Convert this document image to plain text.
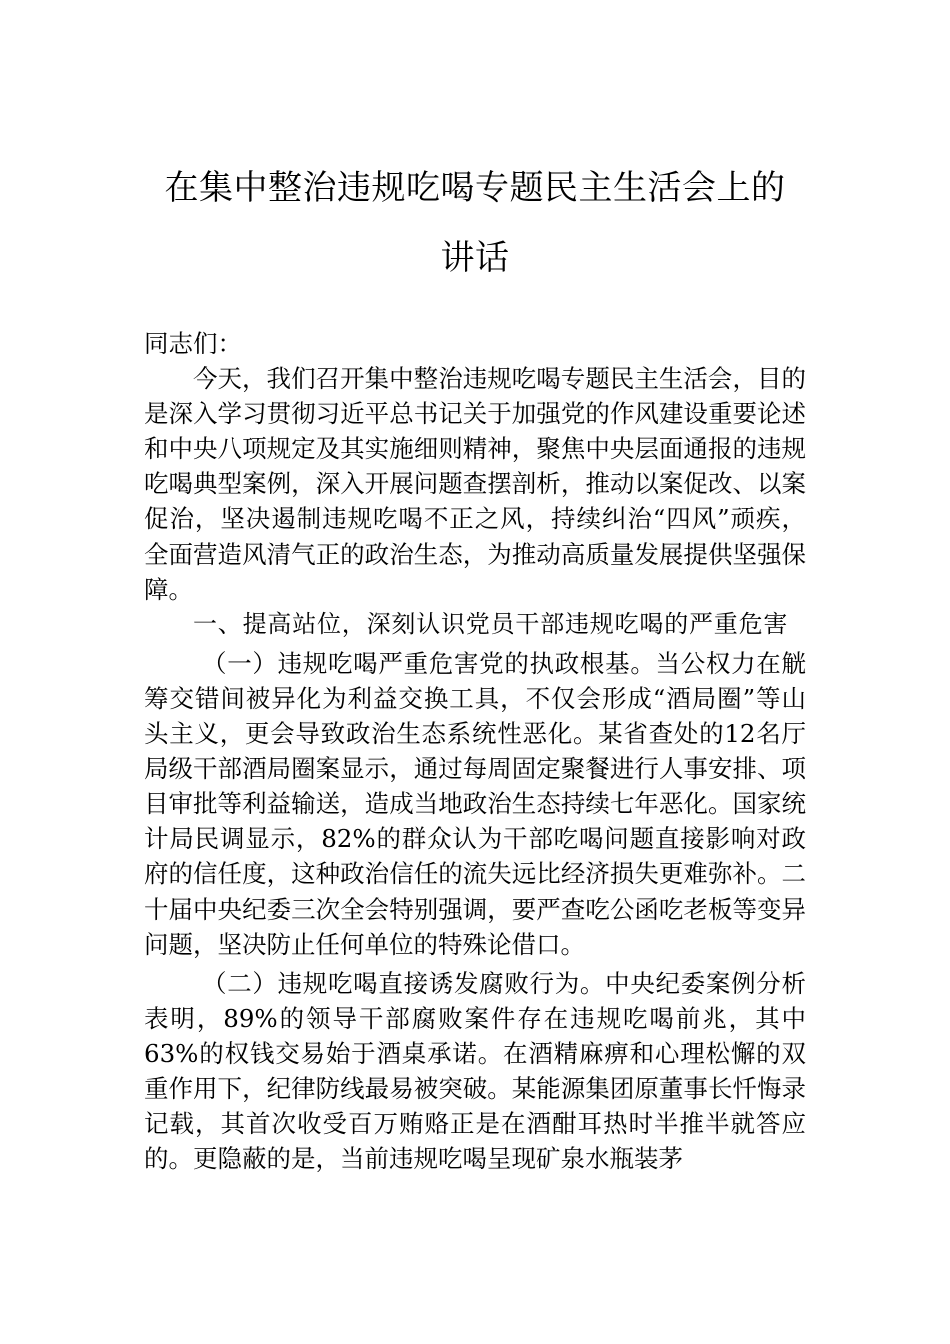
在集中整治违规吃喝专题民主生活会上的
讲话

同志们：

今天，我们召开集中整治违规吃喝专题民主生活会，目的是深入学习贯彻习近平总书记关于加强党的作风建设重要论述和中央八项规定及其实施细则精神，聚焦中央层面通报的违规吃喝典型案例，深入开展问题查摆剖析，推动以案促改、以案促治，坚决遏制违规吃喝不正之风，持续纠治“四风”顽疾，全面营造风清气正的政治生态，为推动高质量发展提供坚强保障。

一、提高站位，深刻认识党员干部违规吃喝的严重危害

（一）违规吃喝严重危害党的执政根基。当公权力在觥筹交错间被异化为利益交换工具，不仅会形成“酒局圈”等山头主义，更会导致政治生态系统性恶化。某省查处的12名厅局级干部酒局圈案显示，通过每周固定聚餐进行人事安排、项目审批等利益输送，造成当地政治生态持续七年恶化。国家统计局民调显示，82%的群众认为干部吃喝问题直接影响对政府的信任度，这种政治信任的流失远比经济损失更难弥补。二十届中央纪委三次全会特别强调，要严查吃公函吃老板等变异问题，坚决防止任何单位的特殊论借口。

（二）违规吃喝直接诱发腐败行为。中央纪委案例分析表明，89%的领导干部腐败案件存在违规吃喝前兆，其中63%的权钱交易始于酒桌承诺。在酒精麻痹和心理松懈的双重作用下，纪律防线最易被突破。某能源集团原董事长忏悔录记载，其首次收受百万贿赂正是在酒酣耳热时半推半就答应的。更隐蔽的是，当前违规吃喝呈现矿泉水瓶装茅
